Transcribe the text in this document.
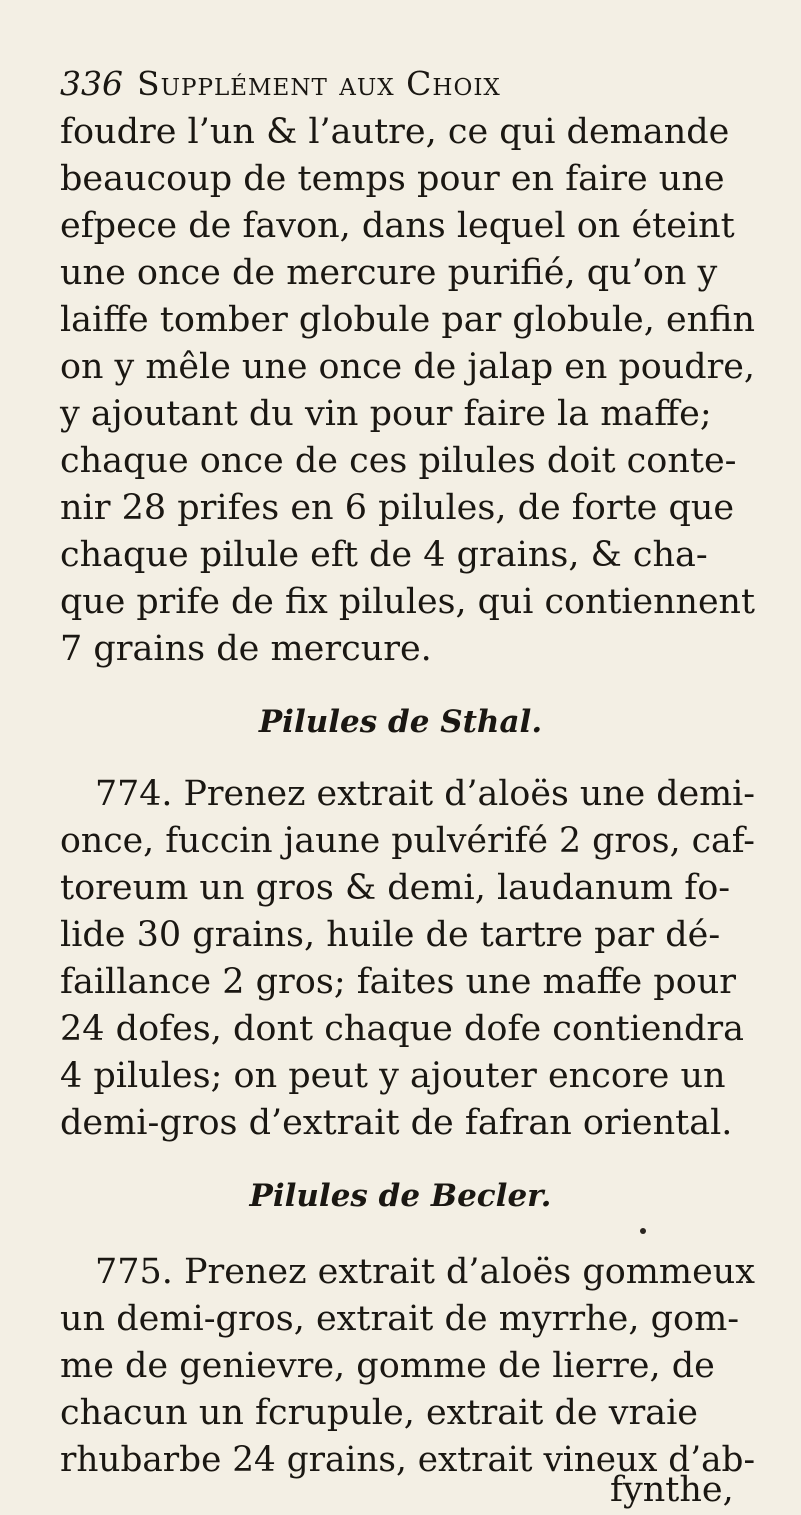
336 Supplément aux Choix
foudre l’un & l’autre, ce qui demande
beaucoup de temps pour en faire une
efpece de favon, dans lequel on éteint
une once de mercure purifié, qu’on y
laiffe tomber globule par globule, enfin
on y mêle une once de jalap en poudre,
y ajoutant du vin pour faire la maffe;
chaque once de ces pilules doit conte-
nir 28 prifes en 6 pilules, de forte que
chaque pilule eft de 4 grains, & cha-
que prife de fix pilules, qui contiennent
7 grains de mercure.
Pilules de Sthal.
774. Prenez extrait d’aloës une demi-
once, fuccin jaune pulvérifé 2 gros, caf-
toreum un gros & demi, laudanum fo-
lide 30 grains, huile de tartre par dé-
faillance 2 gros; faites une maffe pour
24 dofes, dont chaque dofe contiendra
4 pilules; on peut y ajouter encore un
demi-gros d’extrait de fafran oriental.
Pilules de Becler.
775. Prenez extrait d’aloës gommeux
un demi-gros, extrait de myrrhe, gom-
me de genievre, gomme de lierre, de
chacun un fcrupule, extrait de vraie
rhubarbe 24 grains, extrait vineux d’ab-
fynthe,
